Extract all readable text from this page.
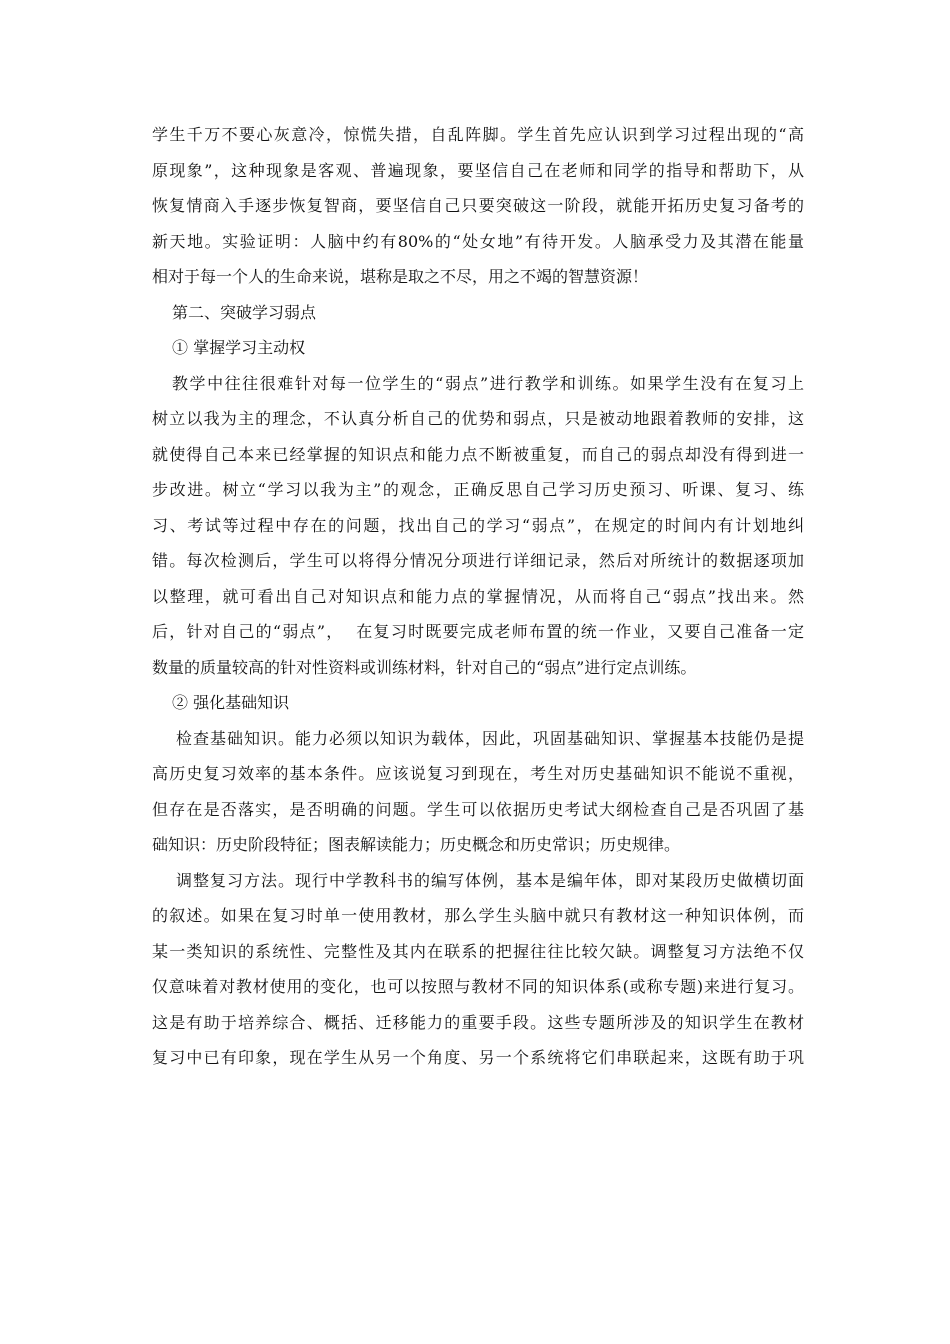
学生千万不要心灰意冷，惊慌失措，自乱阵脚。学生首先应认识到学习过程出现的“高
原现象”，这种现象是客观、普遍现象，要坚信自己在老师和同学的指导和帮助下，从
恢复情商入手逐步恢复智商，要坚信自己只要突破这一阶段，就能开拓历史复习备考的
新天地。实验证明：人脑中约有80%的“处女地”有待开发。人脑承受力及其潜在能量
相对于每一个人的生命来说，堪称是取之不尽，用之不竭的智慧资源！
第二、突破学习弱点
① 掌握学习主动权
教学中往往很难针对每一位学生的“弱点”进行教学和训练。如果学生没有在复习上
树立以我为主的理念，不认真分析自己的优势和弱点，只是被动地跟着教师的安排，这
就使得自己本来已经掌握的知识点和能力点不断被重复，而自己的弱点却没有得到进一
步改进。树立“学习以我为主”的观念，正确反思自己学习历史预习、听课、复习、练
习、考试等过程中存在的问题，找出自己的学习“弱点”，在规定的时间内有计划地纠
错。每次检测后，学生可以将得分情况分项进行详细记录，然后对所统计的数据逐项加
以整理，就可看出自己对知识点和能力点的掌握情况，从而将自己“弱点”找出来。然
后，针对自己的“弱点”，  在复习时既要完成老师布置的统一作业，又要自己准备一定
数量的质量较高的针对性资料或训练材料，针对自己的“弱点”进行定点训练。
② 强化基础知识
检查基础知识。能力必须以知识为载体，因此，巩固基础知识、掌握基本技能仍是提
高历史复习效率的基本条件。应该说复习到现在，考生对历史基础知识不能说不重视，
但存在是否落实，是否明确的问题。学生可以依据历史考试大纲检查自己是否巩固了基
础知识：历史阶段特征；图表解读能力；历史概念和历史常识；历史规律。
调整复习方法。现行中学教科书的编写体例，基本是编年体，即对某段历史做横切面
的叙述。如果在复习时单一使用教材，那么学生头脑中就只有教材这一种知识体例，而
某一类知识的系统性、完整性及其内在联系的把握往往比较欠缺。调整复习方法绝不仅
仅意味着对教材使用的变化，也可以按照与教材不同的知识体系(或称专题)来进行复习。
这是有助于培养综合、概括、迁移能力的重要手段。这些专题所涉及的知识学生在教材
复习中已有印象，现在学生从另一个角度、另一个系统将它们串联起来，这既有助于巩
